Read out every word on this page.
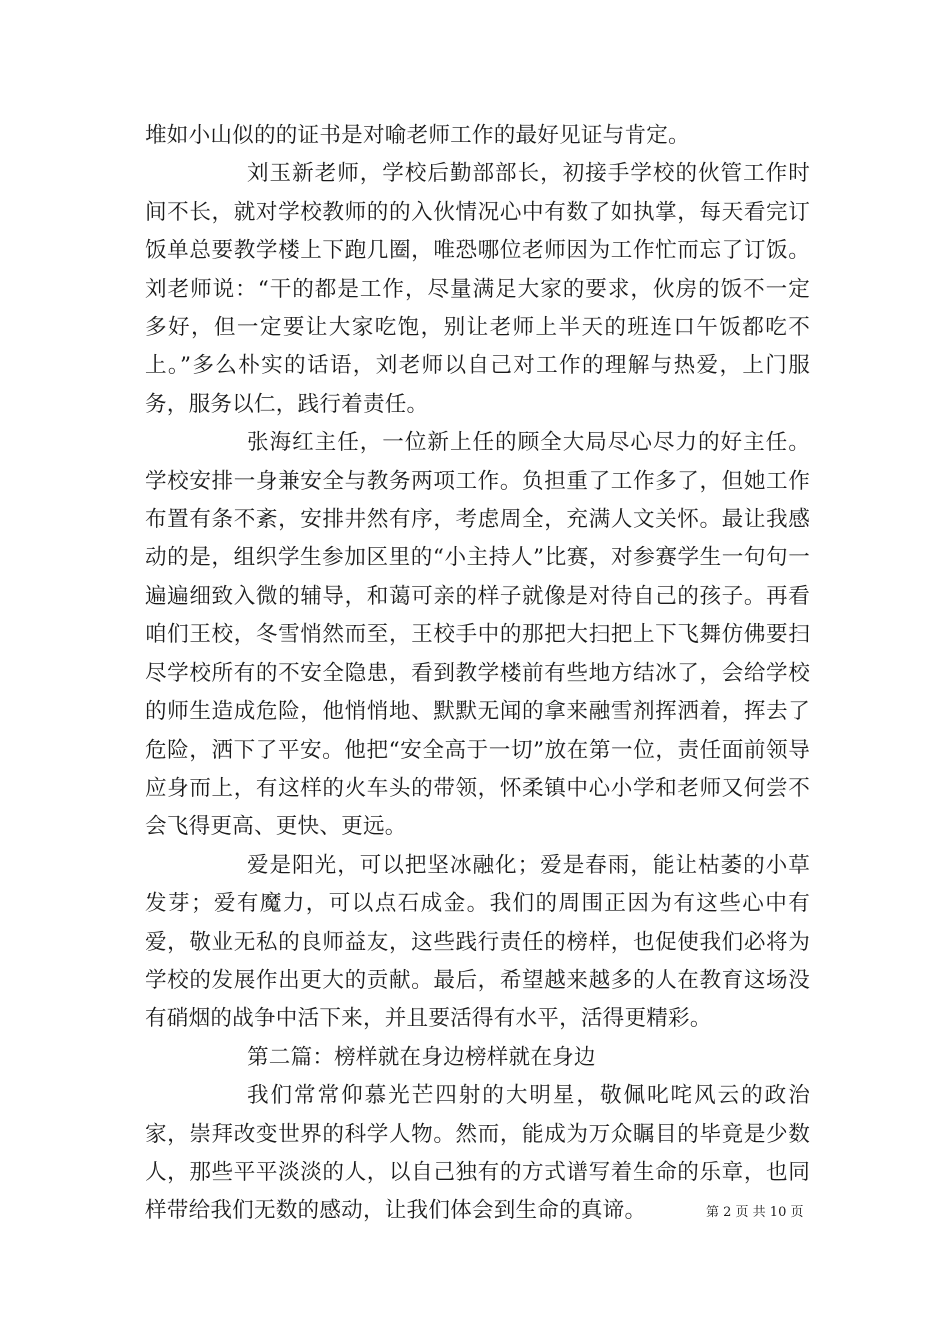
堆如小山似的的证书是对喻老师工作的最好见证与肯定。

刘玉新老师，学校后勤部部长，初接手学校的伙管工作时间不长，就对学校教师的的入伙情况心中有数了如执掌，每天看完订饭单总要教学楼上下跑几圈，唯恐哪位老师因为工作忙而忘了订饭。刘老师说：“干的都是工作，尽量满足大家的要求，伙房的饭不一定多好，但一定要让大家吃饱，别让老师上半天的班连口午饭都吃不上。”多么朴实的话语，刘老师以自己对工作的理解与热爱，上门服务，服务以仁，践行着责任。

张海红主任，一位新上任的顾全大局尽心尽力的好主任。学校安排一身兼安全与教务两项工作。负担重了工作多了，但她工作布置有条不紊，安排井然有序，考虑周全，充满人文关怀。最让我感动的是，组织学生参加区里的“小主持人”比赛，对参赛学生一句句一遍遍细致入微的辅导，和蔼可亲的样子就像是对待自己的孩子。再看咱们王校，冬雪悄然而至，王校手中的那把大扫把上下飞舞仿佛要扫尽学校所有的不安全隐患，看到教学楼前有些地方结冰了，会给学校的师生造成危险，他悄悄地、默默无闻的拿来融雪剂挥洒着，挥去了危险，洒下了平安。他把“安全高于一切”放在第一位，责任面前领导应身而上，有这样的火车头的带领，怀柔镇中心小学和老师又何尝不会飞得更高、更快、更远。

爱是阳光，可以把坚冰融化；爱是春雨，能让枯萎的小草发芽；爱有魔力，可以点石成金。我们的周围正因为有这些心中有爱，敬业无私的良师益友，这些践行责任的榜样，也促使我们必将为学校的发展作出更大的贡献。最后，希望越来越多的人在教育这场没有硝烟的战争中活下来，并且要活得有水平，活得更精彩。

第二篇：榜样就在身边榜样就在身边

我们常常仰慕光芒四射的大明星，敬佩叱咤风云的政治家，崇拜改变世界的科学人物。然而，能成为万众瞩目的毕竟是少数人，那些平平淡淡的人，以自己独有的方式谱写着生命的乐章，也同样带给我们无数的感动，让我们体会到生命的真谛。	第 2 页 共 10 页
